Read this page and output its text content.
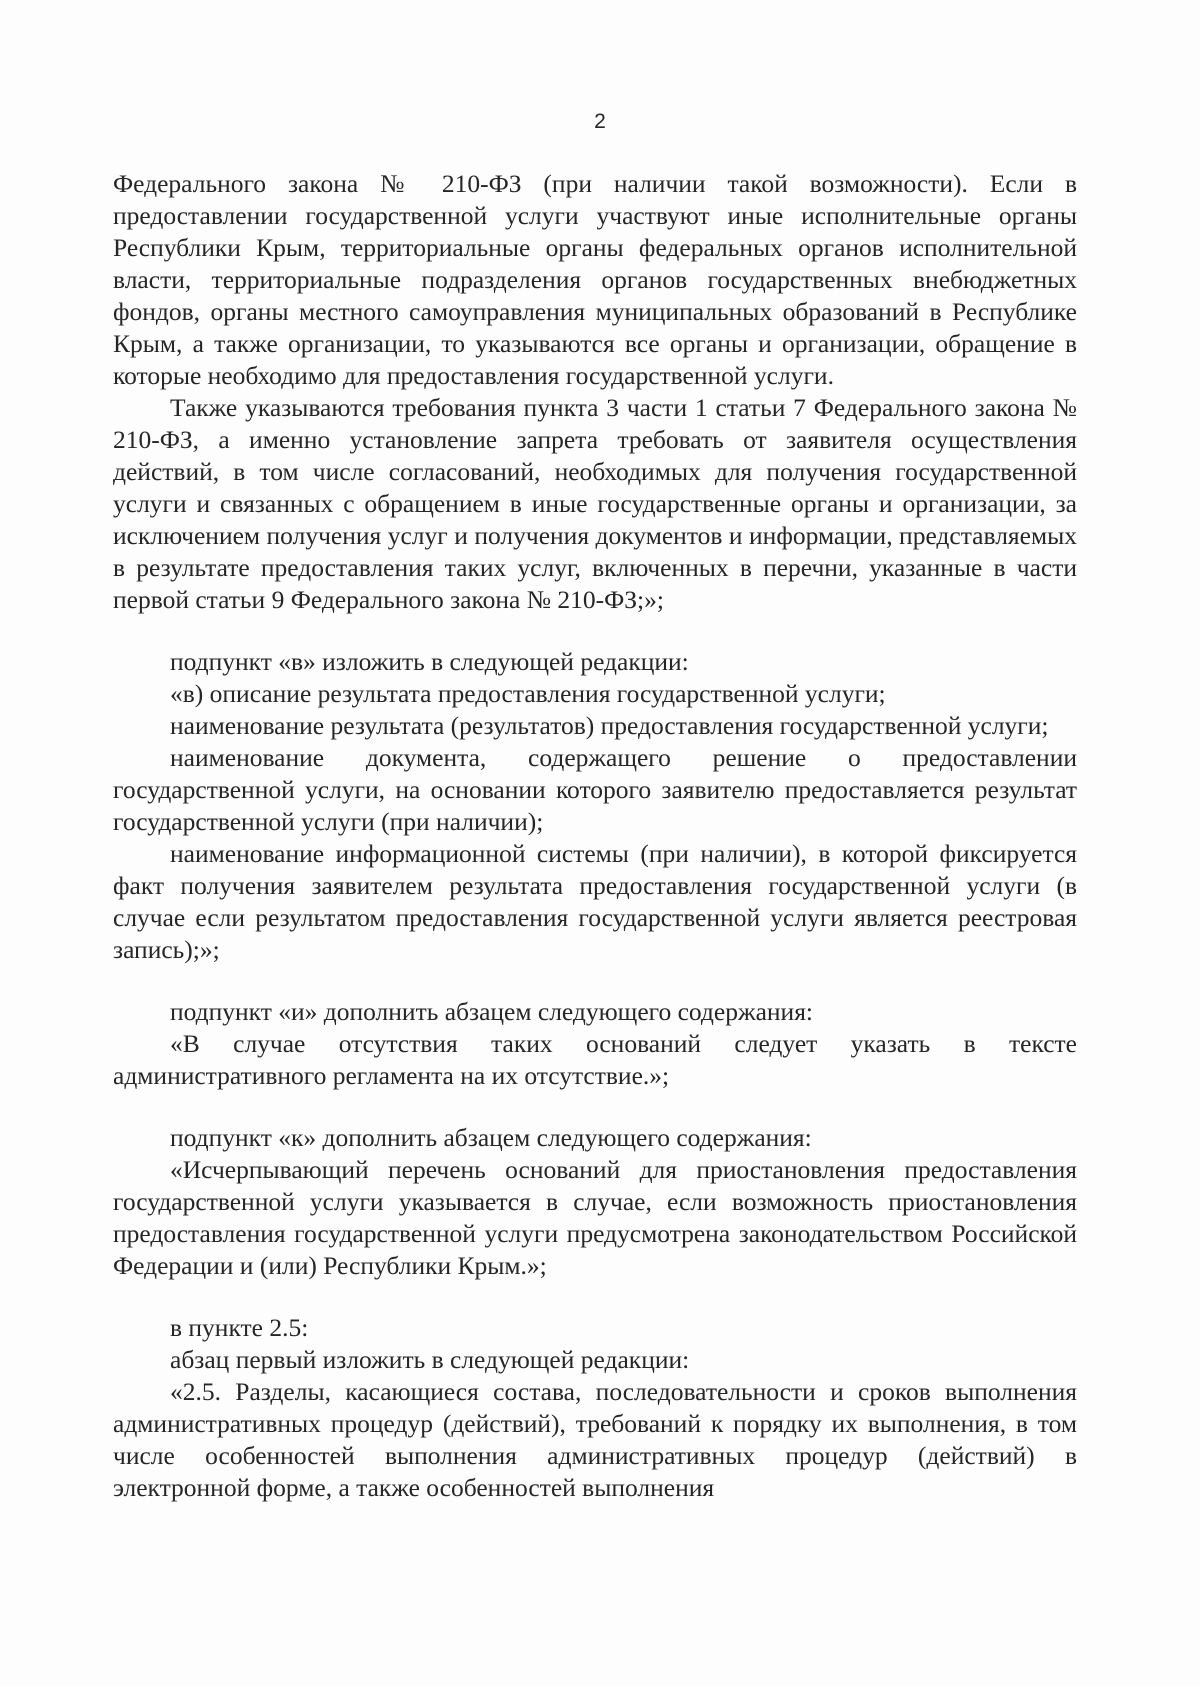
2

Федерального закона № 210-ФЗ (при наличии такой возможности). Если в предоставлении государственной услуги участвуют иные исполнительные органы Республики Крым, территориальные органы федеральных органов исполнительной власти, территориальные подразделения органов государственных внебюджетных фондов, органы местного самоуправления муниципальных образований в Республике Крым, а также организации, то указываются все органы и организации, обращение в которые необходимо для предоставления государственной услуги.

Также указываются требования пункта 3 части 1 статьи 7 Федерального закона № 210-ФЗ, а именно установление запрета требовать от заявителя осуществления действий, в том числе согласований, необходимых для получения государственной услуги и связанных с обращением в иные государственные органы и организации, за исключением получения услуг и получения документов и информации, представляемых в результате предоставления таких услуг, включенных в перечни, указанные в части первой статьи 9 Федерального закона № 210-ФЗ;»;

подпункт «в» изложить в следующей редакции:

«в) описание результата предоставления государственной услуги;

наименование результата (результатов) предоставления государственной услуги;

наименование документа, содержащего решение о предоставлении государственной услуги, на основании которого заявителю предоставляется результат государственной услуги (при наличии);

наименование информационной системы (при наличии), в которой фиксируется факт получения заявителем результата предоставления государственной услуги (в случае если результатом предоставления государственной услуги является реестровая запись);»;

подпункт «и» дополнить абзацем следующего содержания:

«В случае отсутствия таких оснований следует указать в тексте административного регламента на их отсутствие.»;

подпункт «к» дополнить абзацем следующего содержания:

«Исчерпывающий перечень оснований для приостановления предоставления государственной услуги указывается в случае, если возможность приостановления предоставления государственной услуги предусмотрена законодательством Российской Федерации и (или) Республики Крым.»;

в пункте 2.5:

абзац первый изложить в следующей редакции:

«2.5. Разделы, касающиеся состава, последовательности и сроков выполнения административных процедур (действий), требований к порядку их выполнения, в том числе особенностей выполнения административных процедур (действий) в электронной форме, а также особенностей выполнения
